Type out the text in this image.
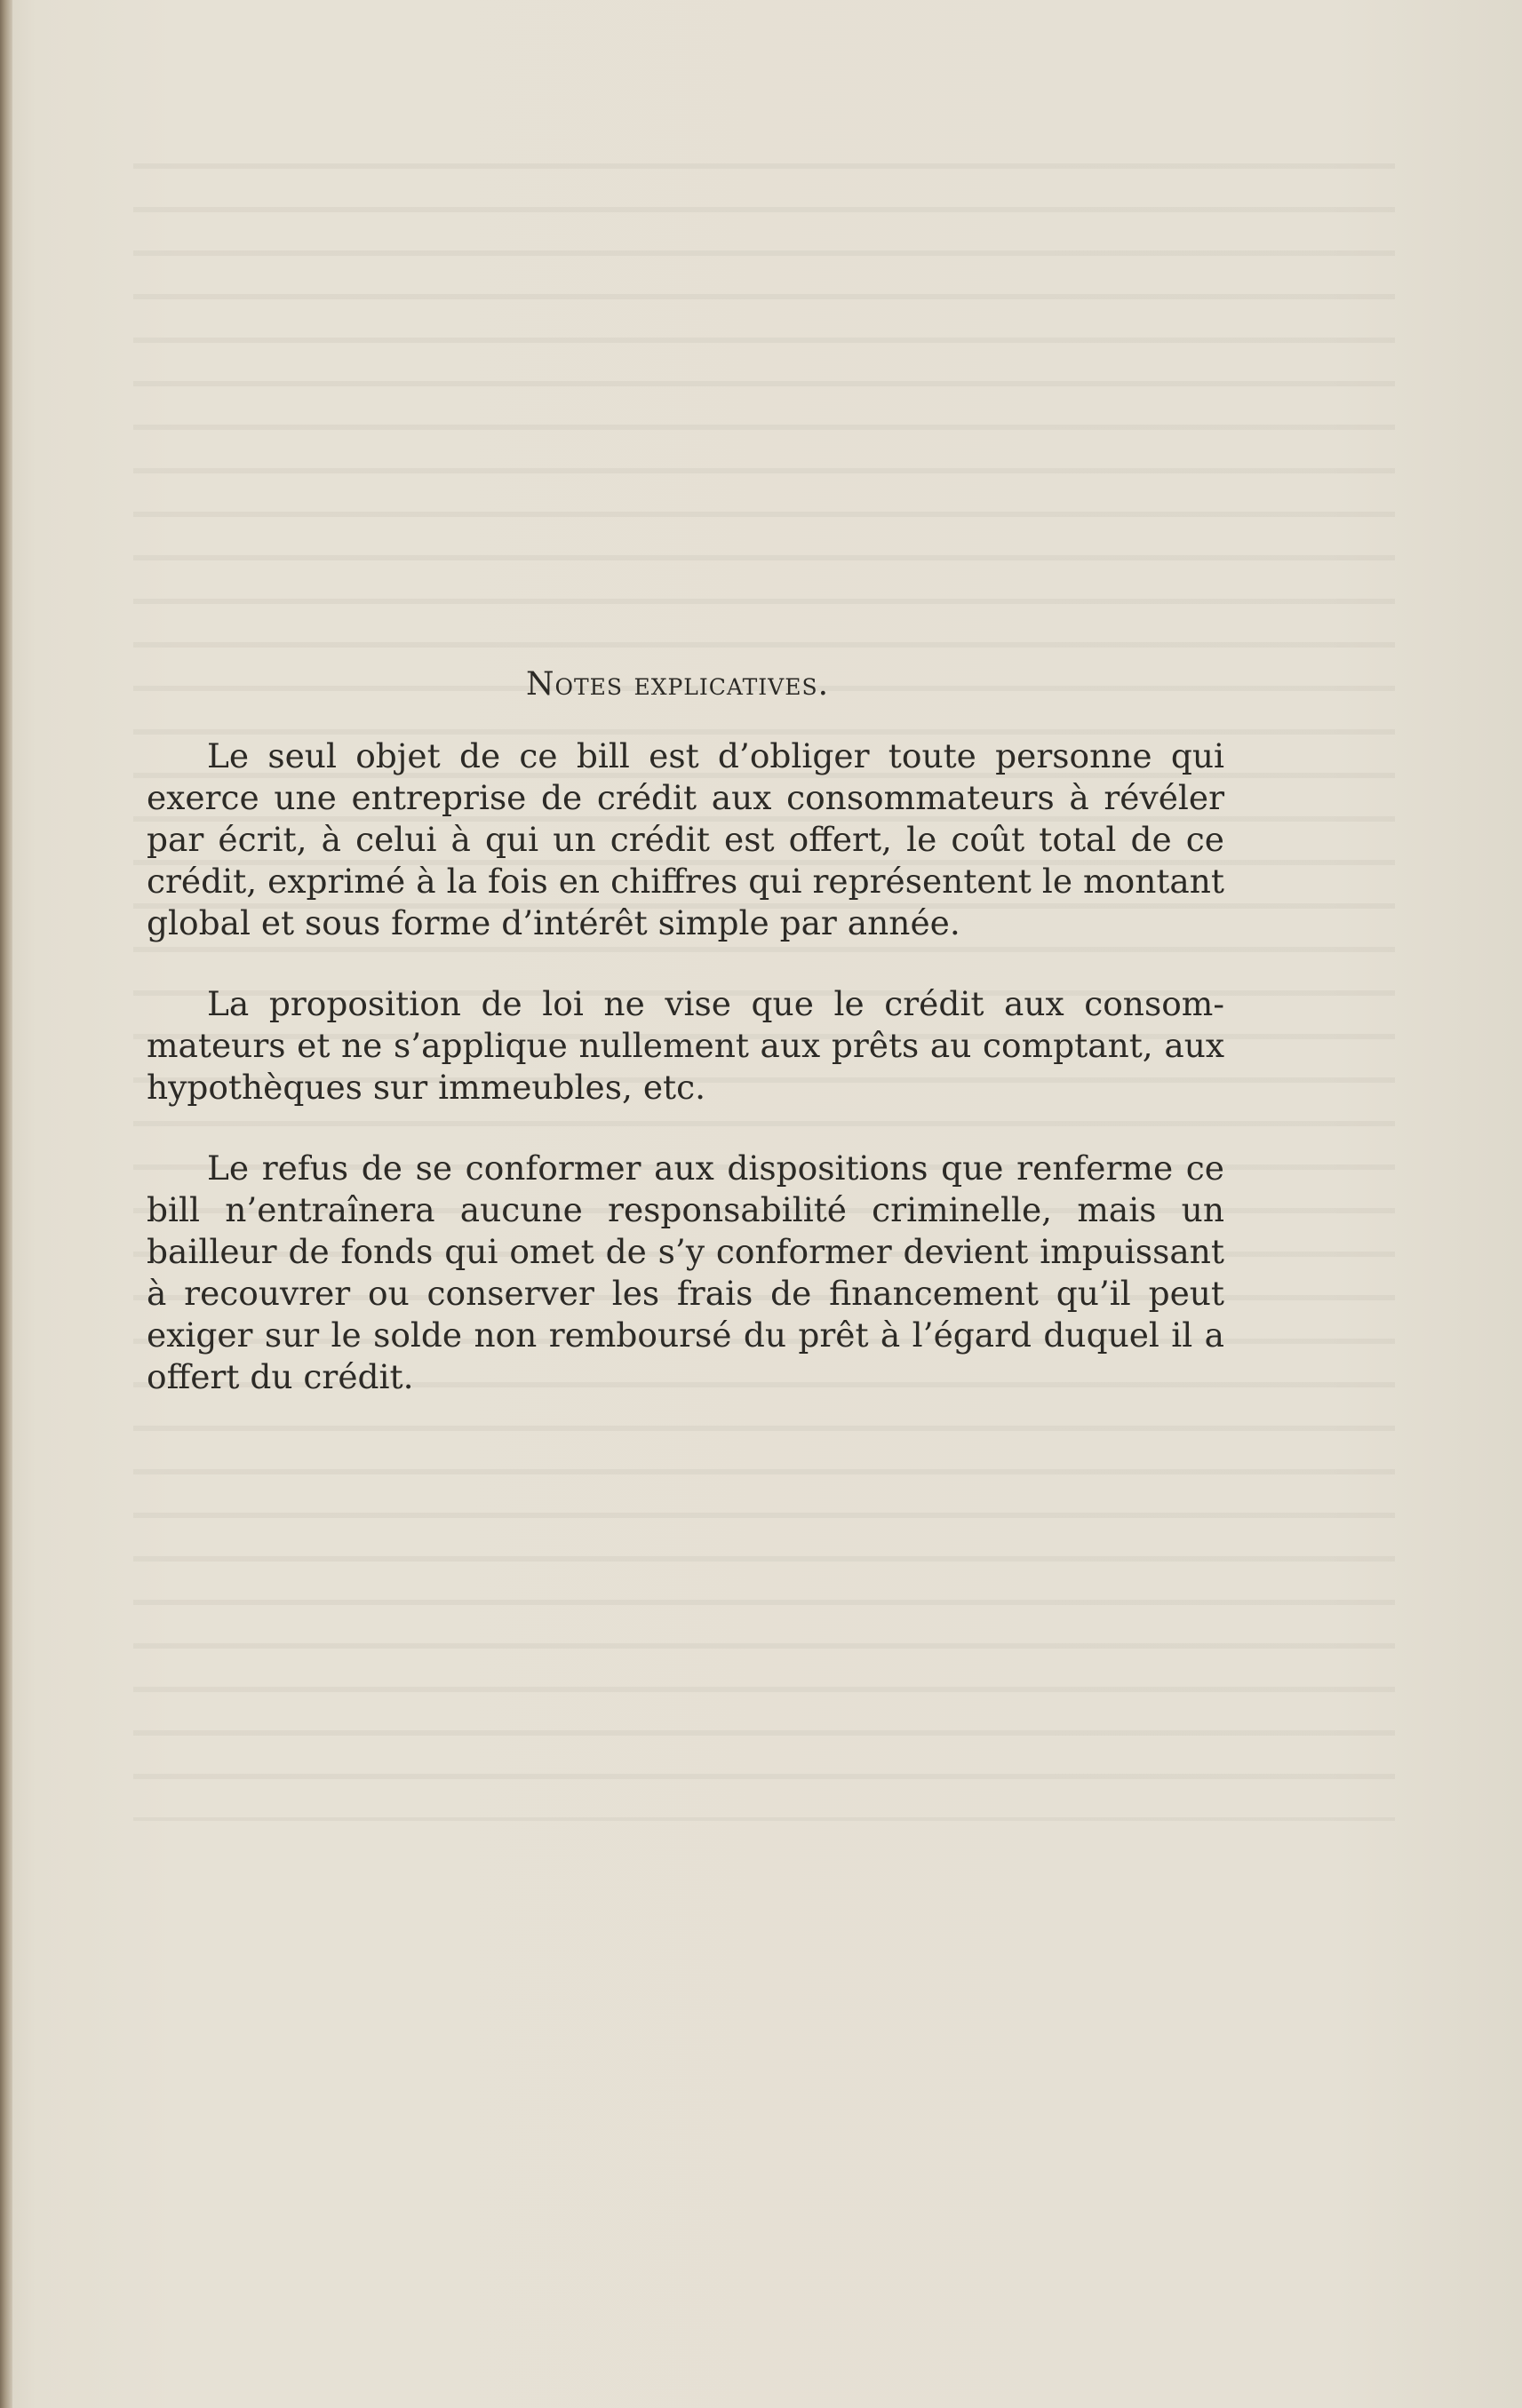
Notes explicatives.

Le seul objet de ce bill est d’obliger toute personne qui exerce une entreprise de crédit aux consommateurs à révéler par écrit, à celui à qui un crédit est offert, le coût total de ce crédit, exprimé à la fois en chiffres qui représentent le montant global et sous forme d’intérêt simple par année.

La proposition de loi ne vise que le crédit aux consommateurs et ne s’applique nullement aux prêts au comptant, aux hypothèques sur immeubles, etc.

Le refus de se conformer aux dispositions que renferme ce bill n’entraînera aucune responsabilité criminelle, mais un bailleur de fonds qui omet de s’y conformer devient impuissant à recouvrer ou conserver les frais de financement qu’il peut exiger sur le solde non remboursé du prêt à l’égard duquel il a offert du crédit.
